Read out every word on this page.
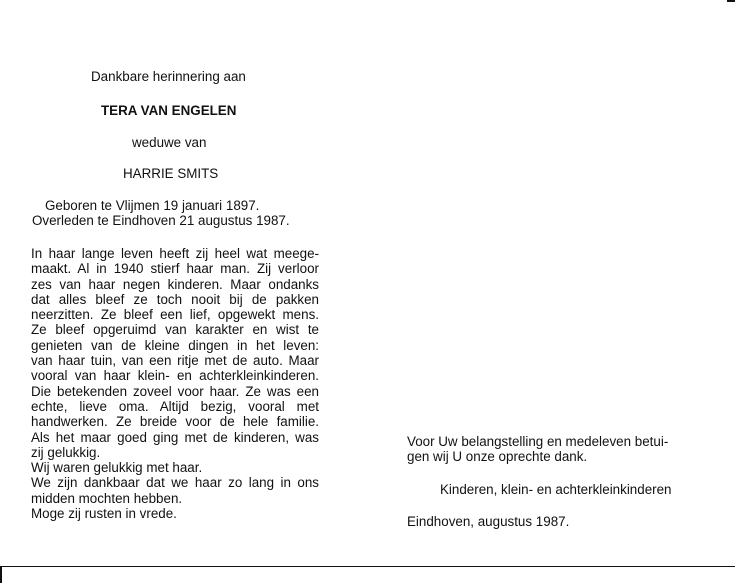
Dankbare herinnering aan
TERA VAN ENGELEN
weduwe van
HARRIE SMITS
Geboren te Vlijmen 19 januari 1897.
Overleden te Eindhoven 21 augustus 1987.
In haar lange leven heeft zij heel wat meege-
maakt. Al in 1940 stierf haar man. Zij verloor
zes van haar negen kinderen. Maar ondanks
dat alles bleef ze toch nooit bij de pakken
neerzitten. Ze bleef een lief, opgewekt mens.
Ze bleef opgeruimd van karakter en wist te
genieten van de kleine dingen in het leven:
van haar tuin, van een ritje met de auto. Maar
vooral van haar klein- en achterkleinkinderen.
Die betekenden zoveel voor haar. Ze was een
echte, lieve oma. Altijd bezig, vooral met
handwerken. Ze breide voor de hele familie.
Als het maar goed ging met de kinderen, was
zij gelukkig.
Wij waren gelukkig met haar.
We zijn dankbaar dat we haar zo lang in ons
midden mochten hebben.
Moge zij rusten in vrede.
Voor Uw belangstelling en medeleven betui-
gen wij U onze oprechte dank.
Kinderen, klein- en achterkleinkinderen
Eindhoven, augustus 1987.
